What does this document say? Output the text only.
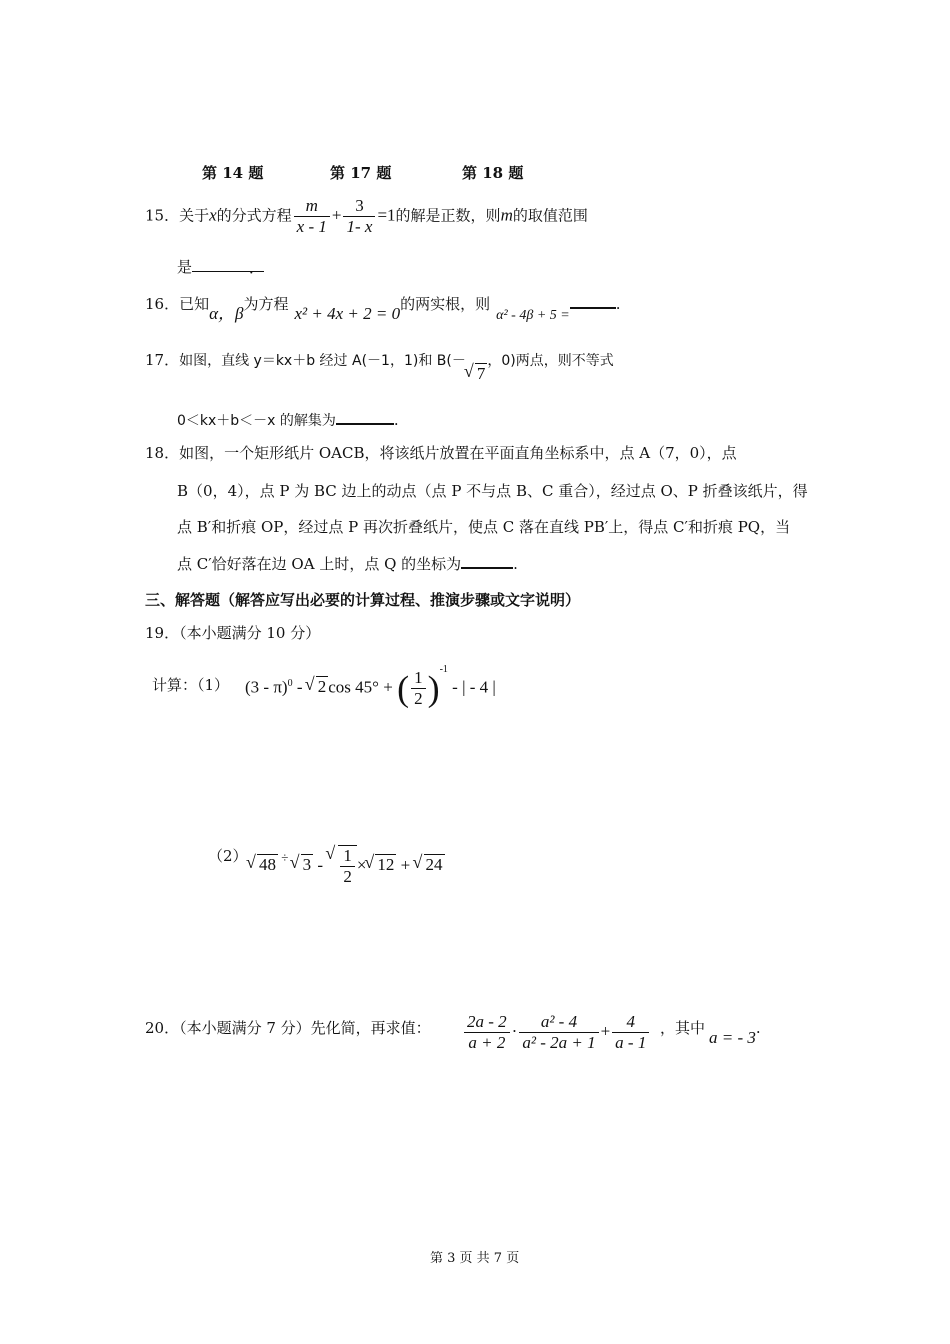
第 14 题	第 17 题	第 18 题
15．关于x的分式方程 $\frac{m}{x - 1} + \frac{3}{1- x} =1$的解是正数，则m的取值范围
是	．
16．已知α，β为方程 x² + 4x + 2 = 0的两实根，则α² - 4β + 5 =.
17．如图，直线 y＝kx＋b 经过 A(－1，1)和 B(－√ 7，0)两点，则不等式
0＜kx＋b＜－x 的解集为	.
18．如图，一个矩形纸片 OACB，将该纸片放置在平面直角坐标系中，点 A（7，0），点
B（0，4），点 P 为 BC 边上的动点（点 P 不与点 B、C 重合），经过点 O、P 折叠该纸片，得
点 B′和折痕 OP，经过点 P 再次折叠纸片，使点 C 落在直线 PB′上，得点 C′和折痕 PQ，当
点 C′恰好落在边 OA 上时，点 Q 的坐标为	.
三、解答题（解答应写出必要的计算过程、推演步骤或文字说明）
19．（本小题满分 10 分）
计算：（1） (3 - π)$^0$ - √ 2 cos 45° + ( $\frac{1}{2} )^{-1}$ - | - 4 |
（2） √ 48 ÷ √ 3 - √ $\frac{1}{2}$ × √ 12 + √ 24
20．（本小题满分 7 分）先化简，再求值： $\frac{2a - 2}{a + 2} \cdot \frac{\text{a² - 4}}{\text{a² - 2a + 1}} + \frac{4}{a - 1}$ ，其中 a = - 3.
第 3 页 共 7 页
